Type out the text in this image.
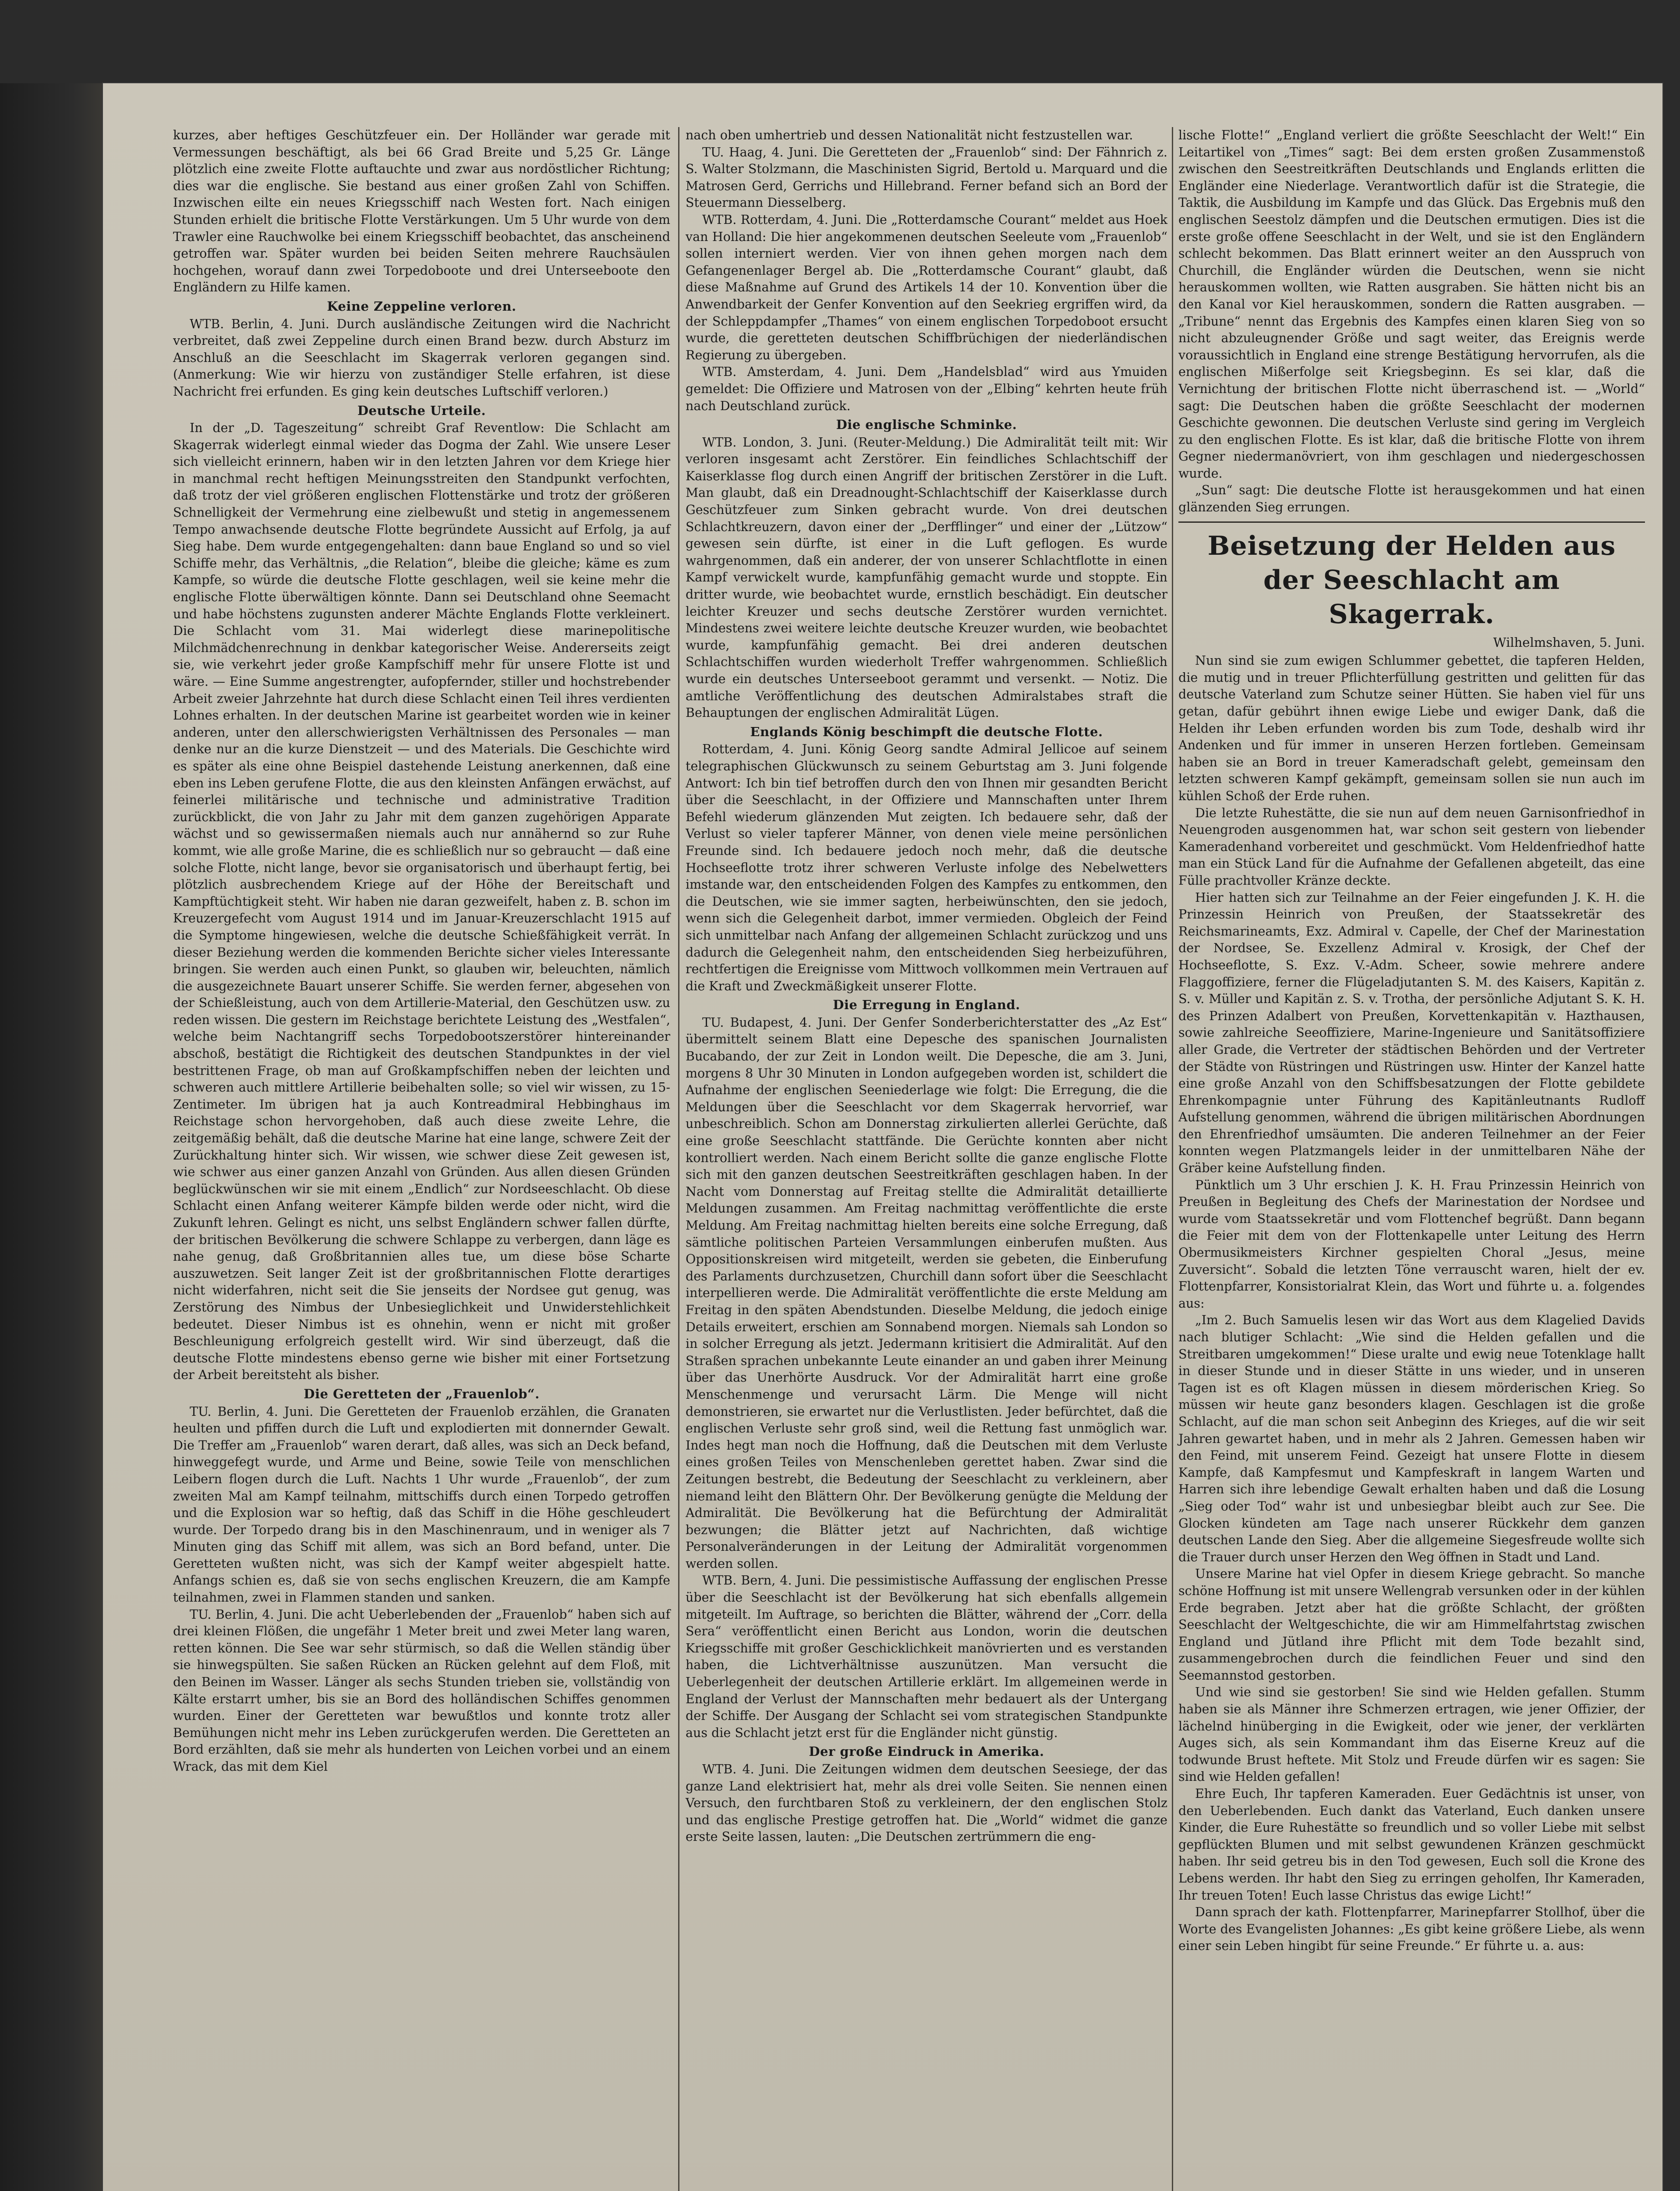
kurzes, aber heftiges Geschützfeuer ein. Der Holländer war gerade mit Vermessungen beschäftigt, als bei 66 Grad Breite und 5,25 Gr. Länge plötzlich eine zweite Flotte auftauchte und zwar aus nordöstlicher Richtung; dies war die englische. Sie bestand aus einer großen Zahl von Schiffen. Inzwischen eilte ein neues Kriegsschiff nach Westen fort. Nach einigen Stunden erhielt die britische Flotte Verstärkungen. Um 5 Uhr wurde von dem Trawler eine Rauchwolke bei einem Kriegsschiff beobachtet, das anscheinend getroffen war. Später wurden bei beiden Seiten mehrere Rauchsäulen hochgehen, worauf dann zwei Torpedoboote und drei Unterseeboote den Engländern zu Hilfe kamen.

Keine Zeppeline verloren.

WTB. Berlin, 4. Juni. Durch ausländische Zeitungen wird die Nachricht verbreitet, daß zwei Zeppeline durch einen Brand bezw. durch Absturz im Anschluß an die Seeschlacht im Skagerrak verloren gegangen sind. (Anmerkung: Wie wir hierzu von zuständiger Stelle erfahren, ist diese Nachricht frei erfunden. Es ging kein deutsches Luftschiff verloren.)

Deutsche Urteile.

In der „D. Tageszeitung“ schreibt Graf Reventlow: Die Schlacht am Skagerrak widerlegt einmal wieder das Dogma der Zahl. Wie unsere Leser sich vielleicht erinnern, haben wir in den letzten Jahren vor dem Kriege hier in manchmal recht heftigen Meinungsstreiten den Standpunkt verfochten, daß trotz der viel größeren englischen Flottenstärke und trotz der größeren Schnelligkeit der Vermehrung eine zielbewußt und stetig in angemessenem Tempo anwachsende deutsche Flotte begründete Aussicht auf Erfolg, ja auf Sieg habe. Dem wurde entgegengehalten: dann baue England so und so viel Schiffe mehr, das Verhältnis, „die Relation“, bleibe die gleiche; käme es zum Kampfe, so würde die deutsche Flotte geschlagen, weil sie keine mehr die englische Flotte überwältigen könnte. Dann sei Deutschland ohne Seemacht und habe höchstens zugunsten anderer Mächte Englands Flotte verkleinert. Die Schlacht vom 31. Mai widerlegt diese marinepolitische Milchmädchenrechnung in denkbar kategorischer Weise. Andererseits zeigt sie, wie verkehrt jeder große Kampfschiff mehr für unsere Flotte ist und wäre. — Eine Summe angestrengter, aufopfernder, stiller und hochstrebender Arbeit zweier Jahrzehnte hat durch diese Schlacht einen Teil ihres verdienten Lohnes erhalten. In der deutschen Marine ist gearbeitet worden wie in keiner anderen, unter den allerschwierigsten Verhältnissen des Personales — man denke nur an die kurze Dienstzeit — und des Materials. Die Geschichte wird es später als eine ohne Beispiel dastehende Leistung anerkennen, daß eine eben ins Leben gerufene Flotte, die aus den kleinsten Anfängen erwächst, auf feinerlei militärische und technische und administrative Tradition zurückblickt, die von Jahr zu Jahr mit dem ganzen zugehörigen Apparate wächst und so gewissermaßen niemals auch nur annähernd so zur Ruhe kommt, wie alle große Marine, die es schließlich nur so gebraucht — daß eine solche Flotte, nicht lange, bevor sie organisatorisch und überhaupt fertig, bei plötzlich ausbrechendem Kriege auf der Höhe der Bereitschaft und Kampftüchtigkeit steht. Wir haben nie daran gezweifelt, haben z. B. schon im Kreuzergefecht vom August 1914 und im Januar-Kreuzerschlacht 1915 auf die Symptome hingewiesen, welche die deutsche Schießfähigkeit verrät. In dieser Beziehung werden die kommenden Berichte sicher vieles Interessante bringen. Sie werden auch einen Punkt, so glauben wir, beleuchten, nämlich die ausgezeichnete Bauart unserer Schiffe. Sie werden ferner, abgesehen von der Schießleistung, auch von dem Artillerie-Material, den Geschützen usw. zu reden wissen. Die gestern im Reichstage berichtete Leistung des „Westfalen“, welche beim Nachtangriff sechs Torpedobootszerstörer hintereinander abschoß, bestätigt die Richtigkeit des deutschen Standpunktes in der viel bestrittenen Frage, ob man auf Großkampfschiffen neben der leichten und schweren auch mittlere Artillerie beibehalten solle; so viel wir wissen, zu 15-Zentimeter. Im übrigen hat ja auch Kontreadmiral Hebbinghaus im Reichstage schon hervorgehoben, daß auch diese zweite Lehre, die zeitgemäßig behält, daß die deutsche Marine hat eine lange, schwere Zeit der Zurückhaltung hinter sich. Wir wissen, wie schwer diese Zeit gewesen ist, wie schwer aus einer ganzen Anzahl von Gründen. Aus allen diesen Gründen beglückwünschen wir sie mit einem „Endlich“ zur Nordseeschlacht. Ob diese Schlacht einen Anfang weiterer Kämpfe bilden werde oder nicht, wird die Zukunft lehren. Gelingt es nicht, uns selbst Engländern schwer fallen dürfte, der britischen Bevölkerung die schwere Schlappe zu verbergen, dann läge es nahe genug, daß Großbritannien alles tue, um diese böse Scharte auszuwetzen. Seit langer Zeit ist der großbritannischen Flotte derartiges nicht widerfahren, nicht seit die Sie jenseits der Nordsee gut genug, was Zerstörung des Nimbus der Unbesieglichkeit und Unwiderstehlichkeit bedeutet. Dieser Nimbus ist es ohnehin, wenn er nicht mit großer Beschleunigung erfolgreich gestellt wird. Wir sind überzeugt, daß die deutsche Flotte mindestens ebenso gerne wie bisher mit einer Fortsetzung der Arbeit bereitsteht als bisher.

Die Geretteten der „Frauenlob“.

TU. Berlin, 4. Juni. Die Geretteten der Frauenlob erzählen, die Granaten heulten und pfiffen durch die Luft und explodierten mit donnernder Gewalt. Die Treffer am „Frauenlob“ waren derart, daß alles, was sich an Deck befand, hinweggefegt wurde, und Arme und Beine, sowie Teile von menschlichen Leibern flogen durch die Luft. Nachts 1 Uhr wurde „Frauenlob“, der zum zweiten Mal am Kampf teilnahm, mittschiffs durch einen Torpedo getroffen und die Explosion war so heftig, daß das Schiff in die Höhe geschleudert wurde. Der Torpedo drang bis in den Maschinenraum, und in weniger als 7 Minuten ging das Schiff mit allem, was sich an Bord befand, unter. Die Geretteten wußten nicht, was sich der Kampf weiter abgespielt hatte. Anfangs schien es, daß sie von sechs englischen Kreuzern, die am Kampfe teilnahmen, zwei in Flammen standen und sanken.

TU. Berlin, 4. Juni. Die acht Ueberlebenden der „Frauenlob“ haben sich auf drei kleinen Flößen, die ungefähr 1 Meter breit und zwei Meter lang waren, retten können. Die See war sehr stürmisch, so daß die Wellen ständig über sie hinwegspülten. Sie saßen Rücken an Rücken gelehnt auf dem Floß, mit den Beinen im Wasser. Länger als sechs Stunden trieben sie, vollständig von Kälte erstarrt umher, bis sie an Bord des holländischen Schiffes genommen wurden. Einer der Geretteten war bewußtlos und konnte trotz aller Bemühungen nicht mehr ins Leben zurückgerufen werden. Die Geretteten an Bord erzählten, daß sie mehr als hunderten von Leichen vorbei und an einem Wrack, das mit dem Kiel

nach oben umhertrieb und dessen Nationalität nicht festzustellen war.

TU. Haag, 4. Juni. Die Geretteten der „Frauenlob“ sind: Der Fähnrich z. S. Walter Stolzmann, die Maschinisten Sigrid, Bertold u. Marquard und die Matrosen Gerd, Gerrichs und Hillebrand. Ferner befand sich an Bord der Steuermann Diesselberg.

WTB. Rotterdam, 4. Juni. Die „Rotterdamsche Courant“ meldet aus Hoek van Holland: Die hier angekommenen deutschen Seeleute vom „Frauenlob“ sollen interniert werden. Vier von ihnen gehen morgen nach dem Gefangenenlager Bergel ab. Die „Rotterdamsche Courant“ glaubt, daß diese Maßnahme auf Grund des Artikels 14 der 10. Konvention über die Anwendbarkeit der Genfer Konvention auf den Seekrieg ergriffen wird, da der Schleppdampfer „Thames“ von einem englischen Torpedoboot ersucht wurde, die geretteten deutschen Schiffbrüchigen der niederländischen Regierung zu übergeben.

WTB. Amsterdam, 4. Juni. Dem „Handelsblad“ wird aus Ymuiden gemeldet: Die Offiziere und Matrosen von der „Elbing“ kehrten heute früh nach Deutschland zurück.

Die englische Schminke.

WTB. London, 3. Juni. (Reuter-Meldung.) Die Admiralität teilt mit: Wir verloren insgesamt acht Zerstörer. Ein feindliches Schlachtschiff der Kaiserklasse flog durch einen Angriff der britischen Zerstörer in die Luft. Man glaubt, daß ein Dreadnought-Schlachtschiff der Kaiserklasse durch Geschützfeuer zum Sinken gebracht wurde. Von drei deutschen Schlachtkreuzern, davon einer der „Derfflinger“ und einer der „Lützow“ gewesen sein dürfte, ist einer in die Luft geflogen. Es wurde wahrgenommen, daß ein anderer, der von unserer Schlachtflotte in einen Kampf verwickelt wurde, kampfunfähig gemacht wurde und stoppte. Ein dritter wurde, wie beobachtet wurde, ernstlich beschädigt. Ein deutscher leichter Kreuzer und sechs deutsche Zerstörer wurden vernichtet. Mindestens zwei weitere leichte deutsche Kreuzer wurden, wie beobachtet wurde, kampfunfähig gemacht. Bei drei anderen deutschen Schlachtschiffen wurden wiederholt Treffer wahrgenommen. Schließlich wurde ein deutsches Unterseeboot gerammt und versenkt. — Notiz. Die amtliche Veröffentlichung des deutschen Admiralstabes straft die Behauptungen der englischen Admiralität Lügen.

Englands König beschimpft die deutsche Flotte.

Rotterdam, 4. Juni. König Georg sandte Admiral Jellicoe auf seinem telegraphischen Glückwunsch zu seinem Geburtstag am 3. Juni folgende Antwort: Ich bin tief betroffen durch den von Ihnen mir gesandten Bericht über die Seeschlacht, in der Offiziere und Mannschaften unter Ihrem Befehl wiederum glänzenden Mut zeigten. Ich bedauere sehr, daß der Verlust so vieler tapferer Männer, von denen viele meine persönlichen Freunde sind. Ich bedauere jedoch noch mehr, daß die deutsche Hochseeflotte trotz ihrer schweren Verluste infolge des Nebelwetters imstande war, den entscheidenden Folgen des Kampfes zu entkommen, den die Deutschen, wie sie immer sagten, herbeiwünschten, den sie jedoch, wenn sich die Gelegenheit darbot, immer vermieden. Obgleich der Feind sich unmittelbar nach Anfang der allgemeinen Schlacht zurückzog und uns dadurch die Gelegenheit nahm, den entscheidenden Sieg herbeizuführen, rechtfertigen die Ereignisse vom Mittwoch vollkommen mein Vertrauen auf die Kraft und Zweckmäßigkeit unserer Flotte.

Die Erregung in England.

TU. Budapest, 4. Juni. Der Genfer Sonderberichterstatter des „Az Est“ übermittelt seinem Blatt eine Depesche des spanischen Journalisten Bucabando, der zur Zeit in London weilt. Die Depesche, die am 3. Juni, morgens 8 Uhr 30 Minuten in London aufgegeben worden ist, schildert die Aufnahme der englischen Seeniederlage wie folgt: Die Erregung, die die Meldungen über die Seeschlacht vor dem Skagerrak hervorrief, war unbeschreiblich. Schon am Donnerstag zirkulierten allerlei Gerüchte, daß eine große Seeschlacht stattfände. Die Gerüchte konnten aber nicht kontrolliert werden. Nach einem Bericht sollte die ganze englische Flotte sich mit den ganzen deutschen Seestreitkräften geschlagen haben. In der Nacht vom Donnerstag auf Freitag stellte die Admiralität detaillierte Meldungen zusammen. Am Freitag nachmittag veröffentlichte die erste Meldung. Am Freitag nachmittag hielten bereits eine solche Erregung, daß sämtliche politischen Parteien Versammlungen einberufen mußten. Aus Oppositionskreisen wird mitgeteilt, werden sie gebeten, die Einberufung des Parlaments durchzusetzen, Churchill dann sofort über die Seeschlacht interpellieren werde. Die Admiralität veröffentlichte die erste Meldung am Freitag in den späten Abendstunden. Dieselbe Meldung, die jedoch einige Details erweitert, erschien am Sonnabend morgen. Niemals sah London so in solcher Erregung als jetzt. Jedermann kritisiert die Admiralität. Auf den Straßen sprachen unbekannte Leute einander an und gaben ihrer Meinung über das Unerhörte Ausdruck. Vor der Admiralität harrt eine große Menschenmenge und verursacht Lärm. Die Menge will nicht demonstrieren, sie erwartet nur die Verlustlisten. Jeder befürchtet, daß die englischen Verluste sehr groß sind, weil die Rettung fast unmöglich war. Indes hegt man noch die Hoffnung, daß die Deutschen mit dem Verluste eines großen Teiles von Menschenleben gerettet haben. Zwar sind die Zeitungen bestrebt, die Bedeutung der Seeschlacht zu verkleinern, aber niemand leiht den Blättern Ohr. Der Bevölkerung genügte die Meldung der Admiralität. Die Bevölkerung hat die Befürchtung der Admiralität bezwungen; die Blätter jetzt auf Nachrichten, daß wichtige Personalveränderungen in der Leitung der Admiralität vorgenommen werden sollen.

WTB. Bern, 4. Juni. Die pessimistische Auffassung der englischen Presse über die Seeschlacht ist der Bevölkerung hat sich ebenfalls allgemein mitgeteilt. Im Auftrage, so berichten die Blätter, während der „Corr. della Sera“ veröffentlicht einen Bericht aus London, worin die deutschen Kriegsschiffe mit großer Geschicklichkeit manövrierten und es verstanden haben, die Lichtverhältnisse auszunützen. Man versucht die Ueberlegenheit der deutschen Artillerie erklärt. Im allgemeinen werde in England der Verlust der Mannschaften mehr bedauert als der Untergang der Schiffe. Der Ausgang der Schlacht sei vom strategischen Standpunkte aus die Schlacht jetzt erst für die Engländer nicht günstig.

Der große Eindruck in Amerika.

WTB. 4. Juni. Die Zeitungen widmen dem deutschen Seesiege, der das ganze Land elektrisiert hat, mehr als drei volle Seiten. Sie nennen einen Versuch, den furchtbaren Stoß zu verkleinern, der den englischen Stolz und das englische Prestige getroffen hat. Die „World“ widmet die ganze erste Seite lassen, lauten: „Die Deutschen zertrümmern die eng-

lische Flotte!“ „England verliert die größte Seeschlacht der Welt!“ Ein Leitartikel von „Times“ sagt: Bei dem ersten großen Zusammenstoß zwischen den Seestreitkräften Deutschlands und Englands erlitten die Engländer eine Niederlage. Verantwortlich dafür ist die Strategie, die Taktik, die Ausbildung im Kampfe und das Glück. Das Ergebnis muß den englischen Seestolz dämpfen und die Deutschen ermutigen. Dies ist die erste große offene Seeschlacht in der Welt, und sie ist den Engländern schlecht bekommen. Das Blatt erinnert weiter an den Ausspruch von Churchill, die Engländer würden die Deutschen, wenn sie nicht herauskommen wollten, wie Ratten ausgraben. Sie hätten nicht bis an den Kanal vor Kiel herauskommen, sondern die Ratten ausgraben. — „Tribune“ nennt das Ergebnis des Kampfes einen klaren Sieg von so nicht abzuleugnender Größe und sagt weiter, das Ereignis werde voraussichtlich in England eine strenge Bestätigung hervorrufen, als die englischen Mißerfolge seit Kriegsbeginn. Es sei klar, daß die Vernichtung der britischen Flotte nicht überraschend ist. — „World“ sagt: Die Deutschen haben die größte Seeschlacht der modernen Geschichte gewonnen. Die deutschen Verluste sind gering im Vergleich zu den englischen Flotte. Es ist klar, daß die britische Flotte von ihrem Gegner niedermanövriert, von ihm geschlagen und niedergeschossen wurde.

„Sun“ sagt: Die deutsche Flotte ist herausgekommen und hat einen glänzenden Sieg errungen.

Beisetzung der Helden aus der Seeschlacht am Skagerrak.
Wilhelmshaven, 5. Juni.

Nun sind sie zum ewigen Schlummer gebettet, die tapferen Helden, die mutig und in treuer Pflichterfüllung gestritten und gelitten für das deutsche Vaterland zum Schutze seiner Hütten. Sie haben viel für uns getan, dafür gebührt ihnen ewige Liebe und ewiger Dank, daß die Helden ihr Leben erfunden worden bis zum Tode, deshalb wird ihr Andenken und für immer in unseren Herzen fortleben. Gemeinsam haben sie an Bord in treuer Kameradschaft gelebt, gemeinsam den letzten schweren Kampf gekämpft, gemeinsam sollen sie nun auch im kühlen Schoß der Erde ruhen.

Die letzte Ruhestätte, die sie nun auf dem neuen Garnisonfriedhof in Neuengroden ausgenommen hat, war schon seit gestern von liebender Kameradenhand vorbereitet und geschmückt. Vom Heldenfriedhof hatte man ein Stück Land für die Aufnahme der Gefallenen abgeteilt, das eine Fülle prachtvoller Kränze deckte.

Hier hatten sich zur Teilnahme an der Feier eingefunden J. K. H. die Prinzessin Heinrich von Preußen, der Staatssekretär des Reichsmarineamts, Exz. Admiral v. Capelle, der Chef der Marinestation der Nordsee, Se. Exzellenz Admiral v. Krosigk, der Chef der Hochseeflotte, S. Exz. V.-Adm. Scheer, sowie mehrere andere Flaggoffiziere, ferner die Flügeladjutanten S. M. des Kaisers, Kapitän z. S. v. Müller und Kapitän z. S. v. Trotha, der persönliche Adjutant S. K. H. des Prinzen Adalbert von Preußen, Korvettenkapitän v. Hazthausen, sowie zahlreiche Seeoffiziere, Marine-Ingenieure und Sanitätsoffiziere aller Grade, die Vertreter der städtischen Behörden und der Vertreter der Städte von Rüstringen und Rüstringen usw. Hinter der Kanzel hatte eine große Anzahl von den Schiffsbesatzungen der Flotte gebildete Ehrenkompagnie unter Führung des Kapitänleutnants Rudloff Aufstellung genommen, während die übrigen militärischen Abordnungen den Ehrenfriedhof umsäumten. Die anderen Teilnehmer an der Feier konnten wegen Platzmangels leider in der unmittelbaren Nähe der Gräber keine Aufstellung finden.

Pünktlich um 3 Uhr erschien J. K. H. Frau Prinzessin Heinrich von Preußen in Begleitung des Chefs der Marinestation der Nordsee und wurde vom Staatssekretär und vom Flottenchef begrüßt. Dann begann die Feier mit dem von der Flottenkapelle unter Leitung des Herrn Obermusikmeisters Kirchner gespielten Choral „Jesus, meine Zuversicht“. Sobald die letzten Töne verrauscht waren, hielt der ev. Flottenpfarrer, Konsistorialrat Klein, das Wort und führte u. a. folgendes aus:

„Im 2. Buch Samuelis lesen wir das Wort aus dem Klagelied Davids nach blutiger Schlacht: „Wie sind die Helden gefallen und die Streitbaren umgekommen!“ Diese uralte und ewig neue Totenklage hallt in dieser Stunde und in dieser Stätte in uns wieder, und in unseren Tagen ist es oft Klagen müssen in diesem mörderischen Krieg. So müssen wir heute ganz besonders klagen. Geschlagen ist die große Schlacht, auf die man schon seit Anbeginn des Krieges, auf die wir seit Jahren gewartet haben, und in mehr als 2 Jahren. Gemessen haben wir den Feind, mit unserem Feind. Gezeigt hat unsere Flotte in diesem Kampfe, daß Kampfesmut und Kampfeskraft in langem Warten und Harren sich ihre lebendige Gewalt erhalten haben und daß die Losung „Sieg oder Tod“ wahr ist und unbesiegbar bleibt auch zur See. Die Glocken kündeten am Tage nach unserer Rückkehr dem ganzen deutschen Lande den Sieg. Aber die allgemeine Siegesfreude wollte sich die Trauer durch unser Herzen den Weg öffnen in Stadt und Land.

Unsere Marine hat viel Opfer in diesem Kriege gebracht. So manche schöne Hoffnung ist mit unsere Wellengrab versunken oder in der kühlen Erde begraben. Jetzt aber hat die größte Schlacht, der größten Seeschlacht der Weltgeschichte, die wir am Himmelfahrtstag zwischen England und Jütland ihre Pflicht mit dem Tode bezahlt sind, zusammengebrochen durch die feindlichen Feuer und sind den Seemannstod gestorben.

Und wie sind sie gestorben! Sie sind wie Helden gefallen. Stumm haben sie als Männer ihre Schmerzen ertragen, wie jener Offizier, der lächelnd hinüberging in die Ewigkeit, oder wie jener, der verklärten Auges sich, als sein Kommandant ihm das Eiserne Kreuz auf die todwunde Brust heftete. Mit Stolz und Freude dürfen wir es sagen: Sie sind wie Helden gefallen!

Ehre Euch, Ihr tapferen Kameraden. Euer Gedächtnis ist unser, von den Ueberlebenden. Euch dankt das Vaterland, Euch danken unsere Kinder, die Eure Ruhestätte so freundlich und so voller Liebe mit selbst gepflückten Blumen und mit selbst gewundenen Kränzen geschmückt haben. Ihr seid getreu bis in den Tod gewesen, Euch soll die Krone des Lebens werden. Ihr habt den Sieg zu erringen geholfen, Ihr Kameraden, Ihr treuen Toten! Euch lasse Christus das ewige Licht!“

Dann sprach der kath. Flottenpfarrer, Marinepfarrer Stollhof, über die Worte des Evangelisten Johannes: „Es gibt keine größere Liebe, als wenn einer sein Leben hingibt für seine Freunde.“ Er führte u. a. aus:
